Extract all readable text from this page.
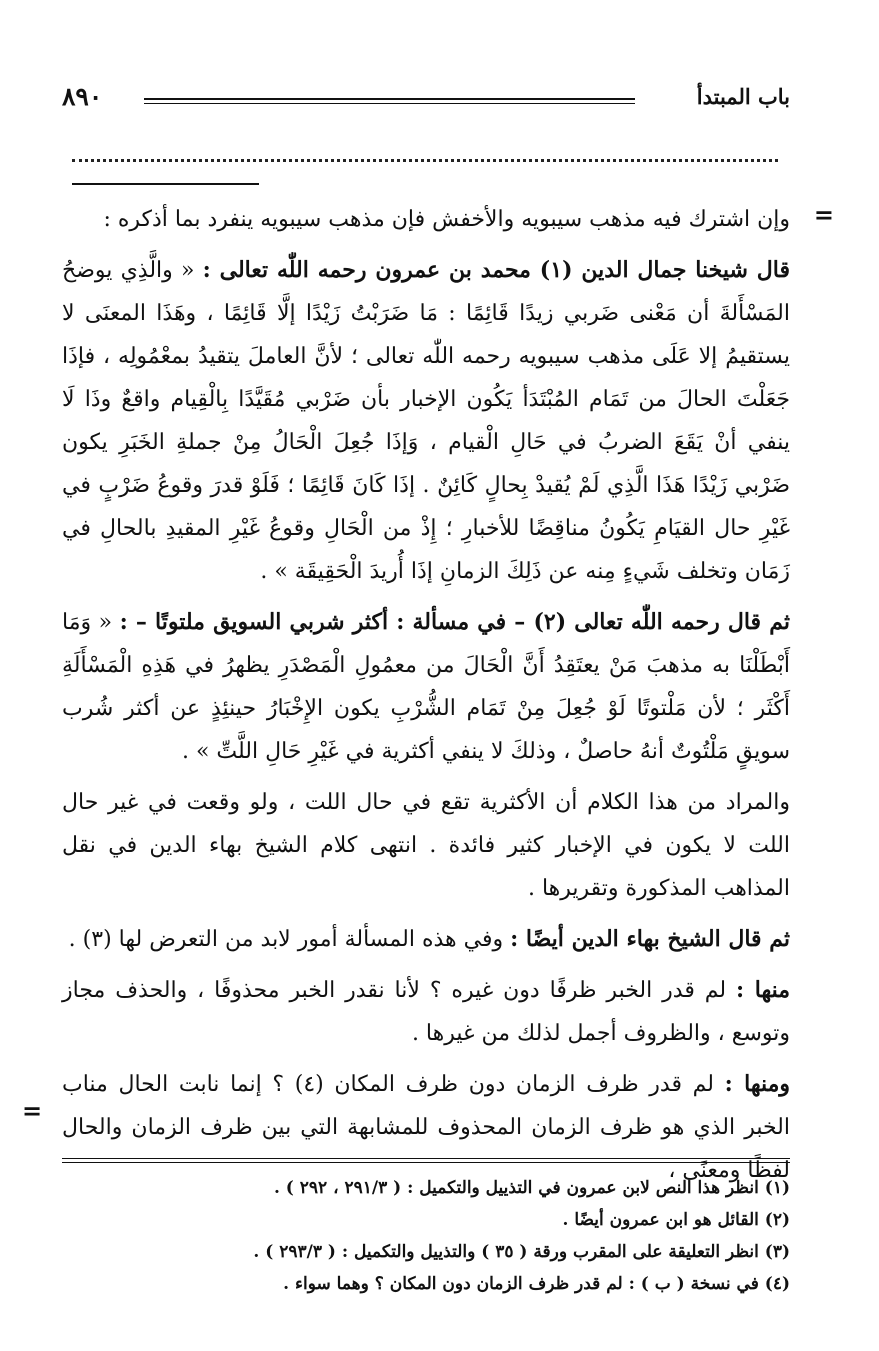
باب المبتدأ
٨٩٠
=

وإن اشترك فيه مذهب سيبويه والأخفش فإن مذهب سيبويه ينفرد بما أذكره :

قال شيخنا جمال الدين (١) محمد بن عمرون رحمه اللّٰه تعالى : « والَّذِي يوضحُ المَسْأَلةَ أن مَعْنى ضَربي زيدًا قَائِمًا : مَا ضَرَبْتُ زَيْدًا إلَّا قَائِمًا ، وهَذَا المعنَى لا يستقيمُ إلا عَلَى مذهب سيبويه رحمه اللّٰه تعالى ؛ لأنَّ العاملَ يتقيدُ بمعْمُولِه ، فإذَا جَعَلْتَ الحالَ من تَمَام المُبْتَدَأ يَكُون الإخبار بأن ضَرْبي مُقَيَّدًا بِالْقِيام واقعٌ وذَا لَا ينفي أنْ يَقَعَ الضربُ في حَالِ الْقيام ، وَإذَا جُعِلَ الْحَالُ مِنْ جملةِ الخَبَرِ يكون ضَرْبي زَيْدًا هَذَا الَّذِي لَمْ يُقيدْ بِحالٍ كَائِنٌ . إذَا كَانَ قَائِمًا ؛ فَلَوْ قدرَ وقوعُ ضَرْبٍ في غَيْرِ حال القيَامِ يَكُونُ مناقِضًا للأخبارِ ؛ إِذْ من الْحَالِ وقوعُ غَيْرِ المقيدِ بالحالِ في زَمَان وتخلف شَيءٍ مِنه عن ذَلِكَ الزمانِ إذَا أُريدَ الْحَقِيقَة » .

ثم قال رحمه اللّٰه تعالى (٢) – في مسألة : أكثر شربي السويق ملتوتًا – : « وَمَا أَبْطَلْنَا به مذهبَ مَنْ يعتَقِدُ أَنَّ الْحَالَ من معمُولِ الْمَصْدَرِ يظهرُ في هَذِهِ الْمَسْأَلَةِ أَكْثَر ؛ لأن مَلْتوتًا لَوْ جُعِلَ مِنْ تَمَام الشُّرْبِ يكون الإِخْبَارُ حينئِذٍ عن أكثر شُرب سويقٍ مَلْتُوتٌ أنهُ حاصلٌ ، وذلكَ لا ينفي أكثرية في غَيْرِ حَالِ اللَّتِّ » .

والمراد من هذا الكلام أن الأكثرية تقع في حال اللت ، ولو وقعت في غير حال اللت لا يكون في الإخبار كثير فائدة . انتهى كلام الشيخ بهاء الدين في نقل المذاهب المذكورة وتقريرها .

ثم قال الشيخ بهاء الدين أيضًا : وفي هذه المسألة أمور لابد من التعرض لها (٣) .

منها : لم قدر الخبر ظرفًا دون غيره ؟ لأنا نقدر الخبر محذوفًا ، والحذف مجاز وتوسع ، والظروف أجمل لذلك من غيرها .

ومنها : لم قدر ظرف الزمان دون ظرف المكان (٤) ؟ إنما نابت الحال مناب الخبر الذي هو ظرف الزمان المحذوف للمشابهة التي بين ظرف الزمان والحال لفظًا ومعنًى ،

=
(١) انظر هذا النص لابن عمرون في التذييل والتكميل : ( ٢٩١/٣ ، ٢٩٢ ) .
(٢) القائل هو ابن عمرون أيضًا .
(٣) انظر التعليقة على المقرب ورقة ( ٣٥ ) والتذييل والتكميل : ( ٢٩٣/٣ ) .
(٤) في نسخة ( ب ) : لم قدر ظرف الزمان دون المكان ؟ وهما سواء .
